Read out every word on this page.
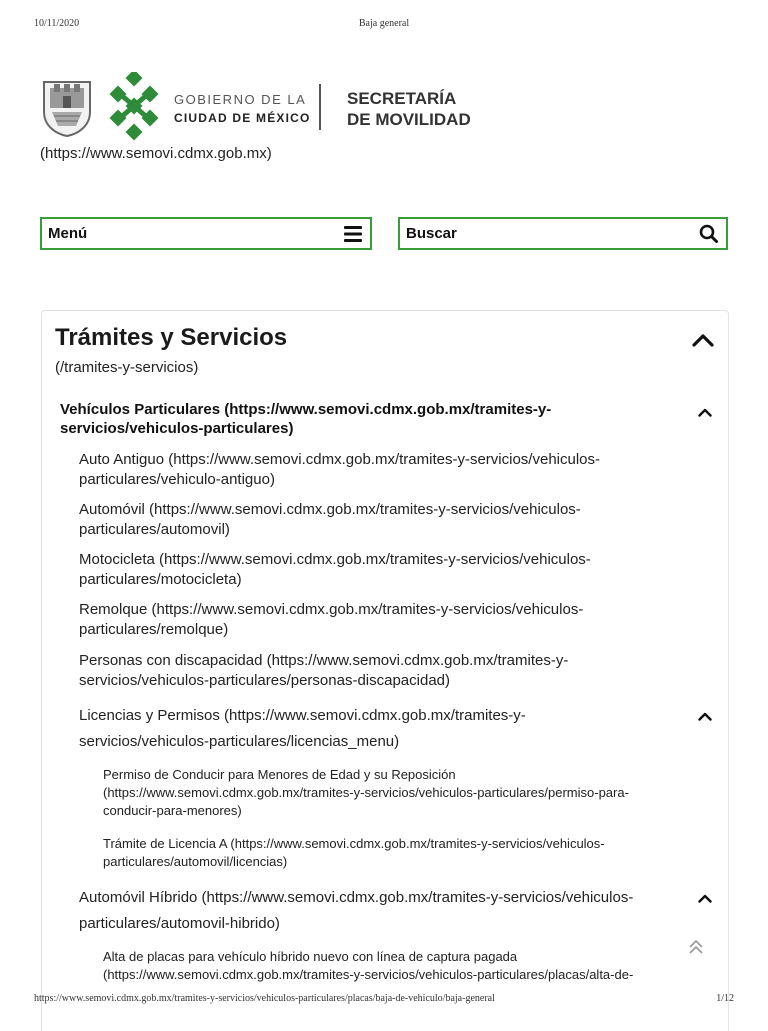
10/11/2020	Baja general
GOBIERNO DE LA
CIUDAD DE MÉXICO
SECRETARÍA
DE MOVILIDAD
(https://www.semovi.cdmx.gob.mx)
Menú	Buscar
Trámites y Servicios
(/tramites-y-servicios)
Vehículos Particulares (https://www.semovi.cdmx.gob.mx/tramites-y-
servicios/vehiculos-particulares)
Auto Antiguo (https://www.semovi.cdmx.gob.mx/tramites-y-servicios/vehiculos-
particulares/vehiculo-antiguo)
Automóvil (https://www.semovi.cdmx.gob.mx/tramites-y-servicios/vehiculos-
particulares/automovil)
Motocicleta (https://www.semovi.cdmx.gob.mx/tramites-y-servicios/vehiculos-
particulares/motocicleta)
Remolque (https://www.semovi.cdmx.gob.mx/tramites-y-servicios/vehiculos-
particulares/remolque)
Personas con discapacidad (https://www.semovi.cdmx.gob.mx/tramites-y-
servicios/vehiculos-particulares/personas-discapacidad)
Licencias y Permisos (https://www.semovi.cdmx.gob.mx/tramites-y-
servicios/vehiculos-particulares/licencias_menu)
Permiso de Conducir para Menores de Edad y su Reposición
(https://www.semovi.cdmx.gob.mx/tramites-y-servicios/vehiculos-particulares/permiso-para-
conducir-para-menores)
Trámite de Licencia A (https://www.semovi.cdmx.gob.mx/tramites-y-servicios/vehiculos-
particulares/automovil/licencias)
Automóvil Híbrido (https://www.semovi.cdmx.gob.mx/tramites-y-servicios/vehiculos-
particulares/automovil-hibrido)
Alta de placas para vehículo híbrido nuevo con línea de captura pagada
(https://www.semovi.cdmx.gob.mx/tramites-y-servicios/vehiculos-particulares/placas/alta-de-
https://www.semovi.cdmx.gob.mx/tramites-y-servicios/vehiculos-particulares/placas/baja-de-vehiculo/baja-general	1/12
